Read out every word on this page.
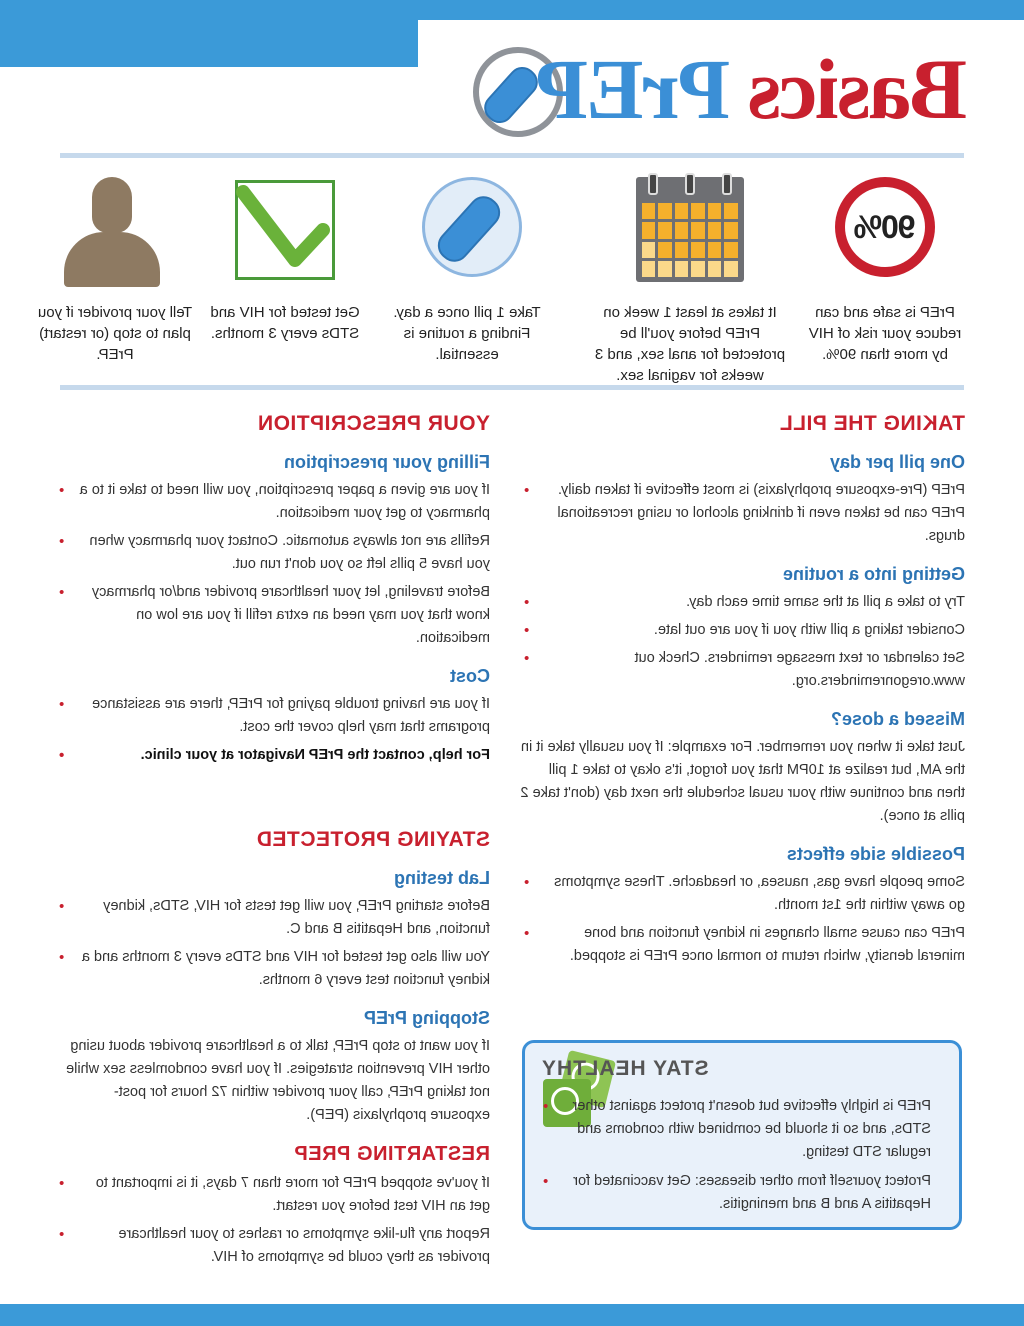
Basics PrEP
90%
PrEP is safe and can reduce your risk of HIV by more than 90%.
It takes at least 1 week on PrEP before you'll be protected for anal sex, and 3 weeks for vaginal sex.
Take 1 pill once a day. Finding a routine is essential.
Get tested for HIV and STDs every 3 months.
Tell your provider if you plan to stop (or restart) PrEP.
TAKING THE PILL
One pill per day
PrEP (Pre-exposure prophylaxis) is most effective if taken daily. PrEP can be taken even if drinking alcohol or using recreational drugs. •
Getting into a routine
Try to take a pill at the same time each day. •
Consider taking a pill with you if you are out late. •
Set calendar or text message reminders. Check out www.oregonreminders.org. •
Missed a dose?

Just take it when you remember. For example: If you usually take it in the AM, but realize at 10PM that you forgot, it's okay to take 1 pill then and continue with your usual schedule the next day (don't take 2 pills at once).

Possible side effects
Some people have gas, nausea, or headache. These symptoms go away within the 1st month. •
PrEP can cause small changes in kidney function and bone mineral density, which return to normal once PrEP is stopped. •
STAY HEALTHY
PrEP is highly effective but doesn't protect against other STDs, and so it should be combined with condoms and regular STD testing. •
Protect yourself from other diseases: Get vaccinated for Hepatitis A and B and meningitis. •
YOUR PRESCRIPTION
Filling your prescription
If you are given a paper prescription, you will need to take it to a pharmacy to get your medication. •
Refills are not always automatic. Contact your pharmacy when you have 5 pills left so you don't run out. •
Before traveling, let your healthcare provider and/or pharmacy know that you may need an extra refill if you are low on medication. •
Cost
If you are having trouble paying for PrEP, there are assistance programs that may help cover the cost. •
For help, contact the PrEP Navigator at your clinic. •
STAYING PROTECTED
Lab testing
Before starting PrEP, you will get tests for HIV, STDs, kidney function, and Hepatitis B and C. •
You will also get tested for HIV and STDs every 3 months and a kidney function test every 6 months. •
Stopping PrEP

If you want to stop PrEP, talk to a healthcare provider about using other HIV prevention strategies. If you have condomless sex while not taking PrEP, call your provider within 72 hours for post-exposure prophylaxis (PEP).

RESTARTING PREP
If you've stopped PrEP for more than 7 days, it is important to get an HIV test before you restart. •
Report any flu-like symptoms or rashes to your healthcare provider as they could be symptoms of HIV. •
